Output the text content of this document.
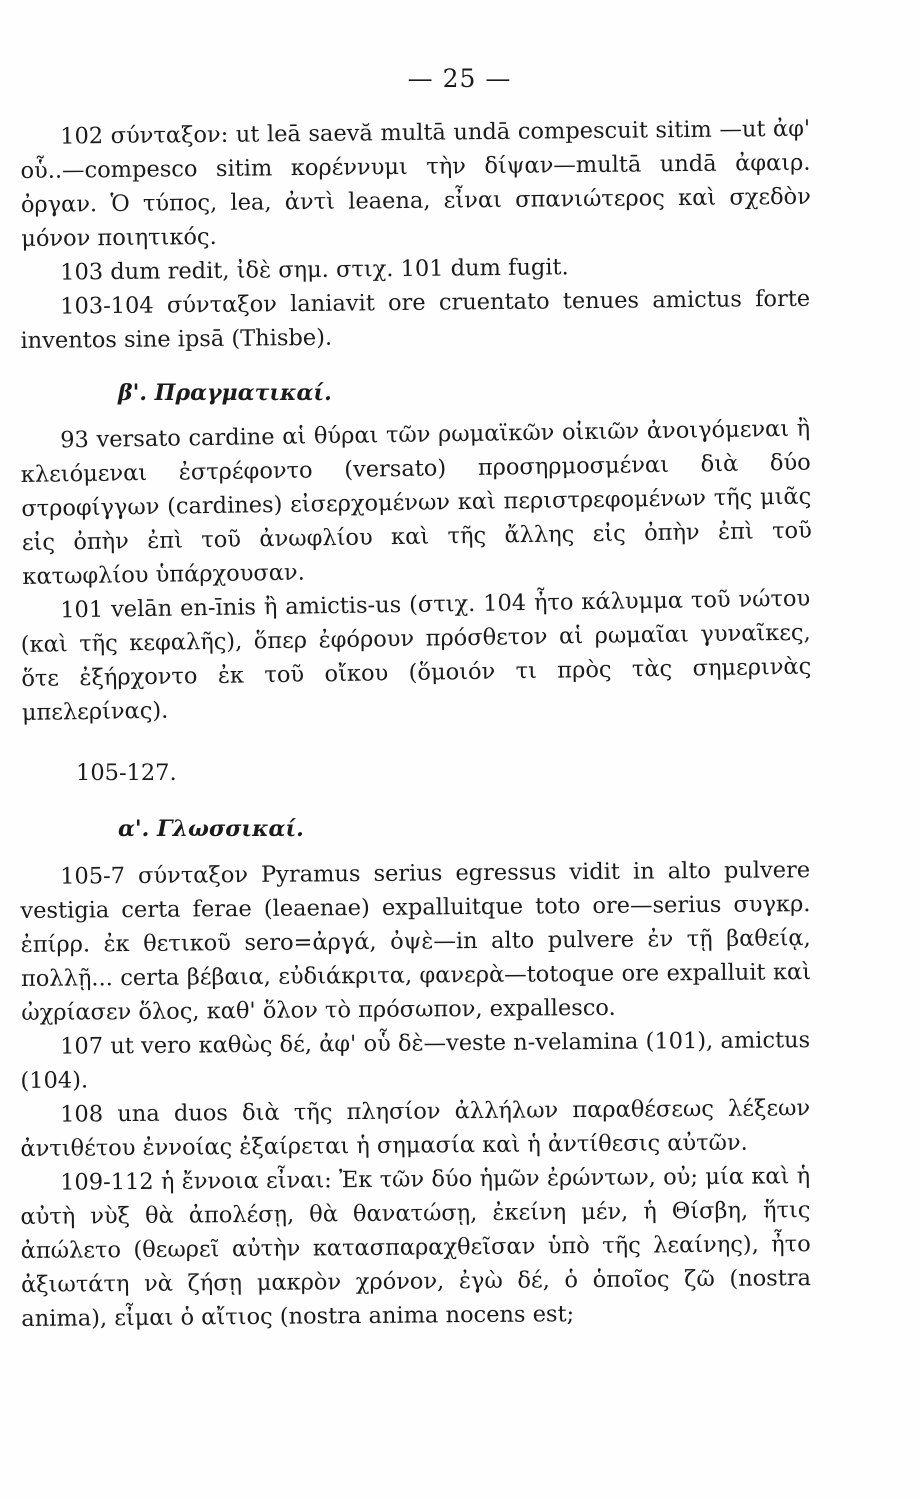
— 25 —

102 σύνταξον: ut leā saevă multā undā compescuit sitim —ut ἀφ' οὗ..—compesco sitim κορέννυμι τὴν δίψαν—multā undā ἀφαιρ. ὀργαν. Ὁ τύπος, lea, ἀντὶ leaena, εἶναι σπανιώτερος καὶ σχεδὸν μόνον ποιητικός.

103 dum redit, ἰδὲ σημ. στιχ. 101 dum fugit.

103-104 σύνταξον laniavit ore cruentato tenues amictus forte inventos sine ipsā (Thisbe).

β'. Πραγματικαί.

93 versato cardine αἱ θύραι τῶν ρωμαϊκῶν οἰκιῶν ἀνοιγόμεναι ἢ κλειόμεναι ἐστρέφοντο (versato) προσηρμοσμέναι διὰ δύο στροφίγγων (cardines) εἰσερχομένων καὶ περιστρεφομένων τῆς μιᾶς εἰς ὀπὴν ἐπὶ τοῦ ἀνωφλίου καὶ τῆς ἄλλης εἰς ὀπὴν ἐπὶ τοῦ κατωφλίου ὑπάρχουσαν.

101 velān en-īnis ἢ amictis-us (στιχ. 104 ἦτο κάλυμμα τοῦ νώτου (καὶ τῆς κεφαλῆς), ὅπερ ἐφόρουν πρόσθετον αἱ ρωμαῖαι γυναῖκες, ὅτε ἐξήρχοντο ἐκ τοῦ οἴκου (ὅμοιόν τι πρὸς τὰς σημερινὰς μπελερίνας).

105-127.
α'. Γλωσσικαί.

105-7 σύνταξον Pyramus serius egressus vidit in alto pulvere vestigia certa ferae (leaenae) expalluitque toto ore—serius συγκρ. ἐπίρρ. ἐκ θετικοῦ sero=ἀργά, ὀψὲ—in alto pulvere ἐν τῇ βαθείᾳ, πολλῇ... certa βέβαια, εὐδιάκριτα, φανερὰ—totoque ore expalluit καὶ ὠχρίασεν ὅλος, καθ' ὅλον τὸ πρόσωπον, expallesco.

107 ut vero καθὼς δέ, ἀφ' οὗ δὲ—veste n-velamina (101), amictus (104).

108 una duos διὰ τῆς πλησίον ἀλλήλων παραθέσεως λέξεων ἀντιθέτου ἐννοίας ἐξαίρεται ἡ σημασία καὶ ἡ ἀντίθεσις αὐτῶν.

109-112 ἡ ἔννοια εἶναι: Ἐκ τῶν δύο ἡμῶν ἐρώντων, οὐ; μία καὶ ἡ αὐτὴ νὺξ θὰ ἀπολέσῃ, θὰ θανατώσῃ, ἐκείνη μέν, ἡ Θίσβη, ἥτις ἀπώλετο (θεωρεῖ αὐτὴν κατασπαραχθεῖσαν ὑπὸ τῆς λεαίνης), ἦτο ἀξιωτάτη νὰ ζήσῃ μακρὸν χρόνον, ἐγὼ δέ, ὁ ὁποῖος ζῶ (nostra anima), εἶμαι ὁ αἴτιος (nostra anima nocens est;
